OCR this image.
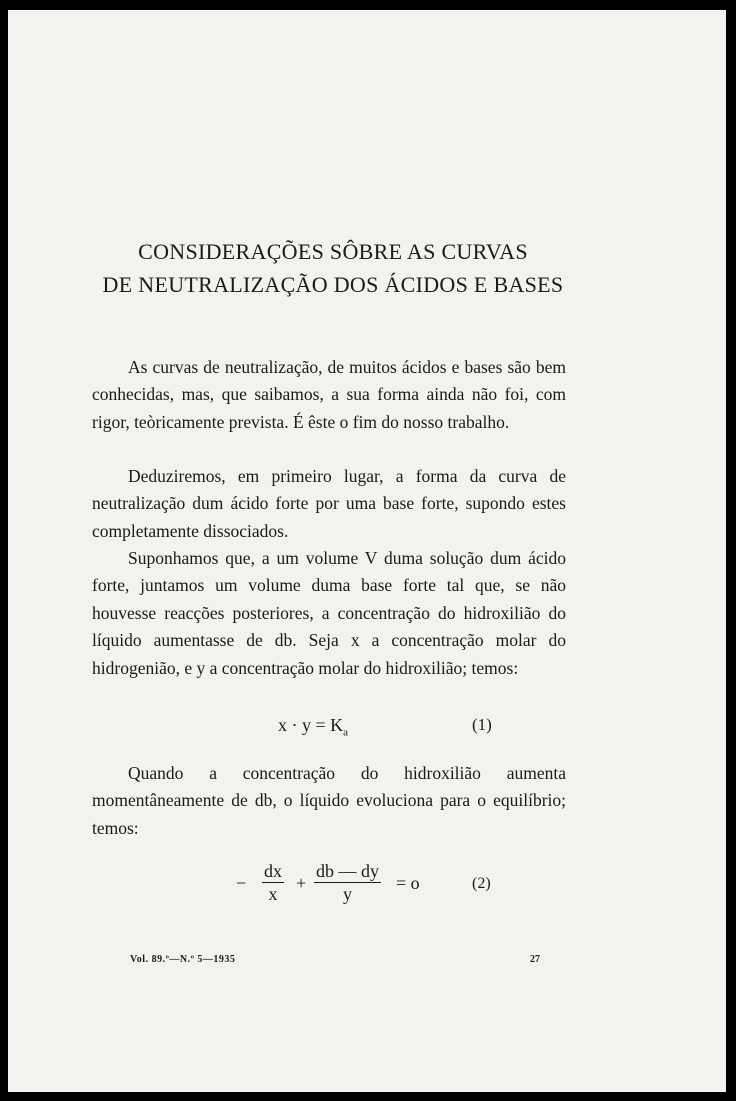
CONSIDERAÇÕES SÔBRE AS CURVAS
DE NEUTRALIZAÇÃO DOS ÁCIDOS E BASES
As curvas de neutralização, de muitos ácidos e bases são bem conhecidas, mas, que saibamos, a sua forma ainda não foi, com rigor, teòricamente prevista. É êste o fim do nosso trabalho.
Deduziremos, em primeiro lugar, a forma da curva de neutralização dum ácido forte por uma base forte, supondo estes completamente dissociados.
Suponhamos que, a um volume V duma solução dum ácido forte, juntamos um volume duma base forte tal que, se não houvesse reacções posteriores, a concentração do hidroxilião do líquido aumentasse de db. Seja x a concentração molar do hidrogenião, e y a concentração molar do hidroxilião; temos:
$x \cdot y = K_a$	(1)
Quando a concentração do hidroxilião aumenta momentâneamente de db, o líquido evoluciona para o equilíbrio; temos:
− $\frac{dx}{x} + \frac{db — dy}{y} = o$	(2)
Vol. 89.º—N.º 5—1935	27
